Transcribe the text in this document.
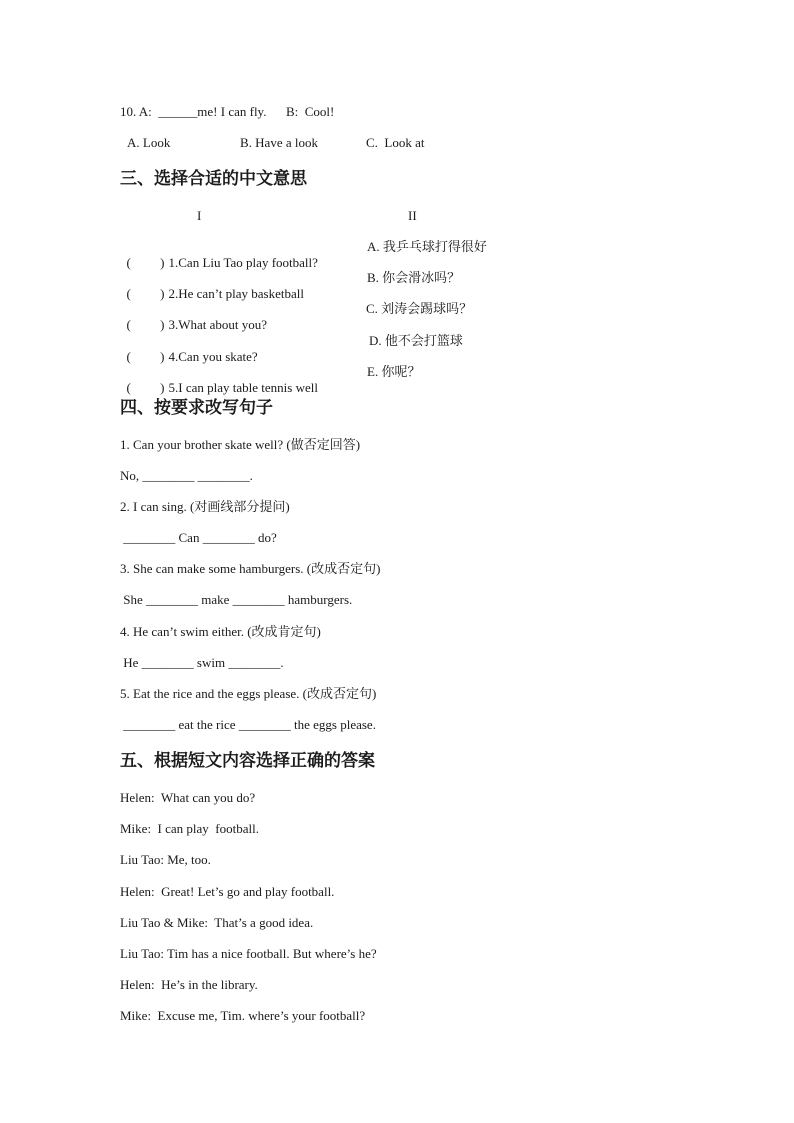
10. A:  ______me! I can fly.      B:  Cool!
A. Look	B. Have a look	C.  Look at
三、选择合适的中文意思
I	II

(         ) 1.Can Liu Tao play football?

A. 我乒乓球打得很好

(         ) 2.He can’t play basketball

B. 你会滑冰吗？

(         ) 3.What about you?

C. 刘涛会踢球吗？

(         ) 4.Can you skate?

D. 他不会打篮球

(         ) 5.I can play table tennis well

E. 你呢？
四、按要求改写句子
1. Can your brother skate well? (做否定回答)
No, ________ ________.
2. I can sing. (对画线部分提问)
________ Can ________ do?
3. She can make some hamburgers. (改成否定句)
She ________ make ________ hamburgers.
4. He can’t swim either. (改成肯定句)
He ________ swim ________.
5. Eat the rice and the eggs please. (改成否定句)
________ eat the rice ________ the eggs please.
五、根据短文内容选择正确的答案
Helen:  What can you do?
Mike:  I can play  football.
Liu Tao: Me, too.
Helen:  Great! Let’s go and play football.
Liu Tao & Mike:  That’s a good idea.
Liu Tao: Tim has a nice football. But where’s he?
Helen:  He’s in the library.
Mike:  Excuse me, Tim. where’s your football?
